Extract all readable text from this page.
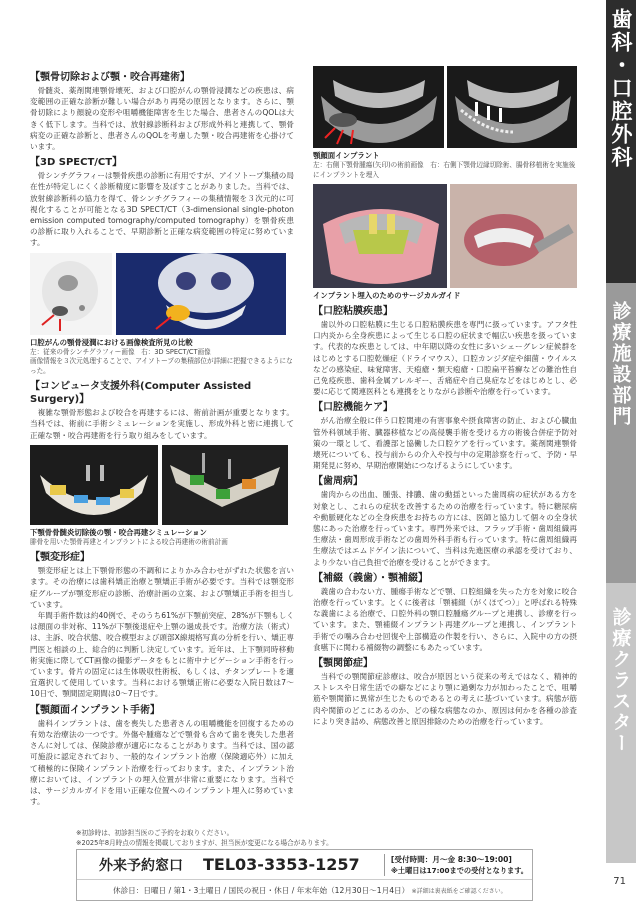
【顎骨切除および顎・咬合再建術】

骨髄炎、薬剤関連顎骨壊死、および口腔がんの顎骨浸潤などの疾患は、病変範囲の正確な診断が難しい場合があり再発の原因となります。さらに、顎骨切除により顔貌の変形や咀嚼機能障害を生じた場合、患者さんのQOLは大きく低下します。当科では、放射線診断科および形成外科と連携して、顎骨病変の正確な診断と、患者さんのQOLを考慮した顎・咬合再建術を心掛けています。

【3D SPECT/CT】

骨シンチグラフィーは顎骨疾患の診断に有用ですが、アイソトープ集積の局在性が特定しにくく診断精度に影響を及ぼすことがありました。当科では、放射線診断科の協力を得て、骨シンチグラフィーの集積情報を３次元的に可視化することが可能となる3D SPECT/CT（3-dimensional single-photon emission computed tomography/computed tomography）を顎骨疾患の診断に取り入れることで、早期診断と正確な病変範囲の特定に努めています。

口腔がんの顎骨浸潤における画像検査所見の比較
左：従来の骨シンチグラフィー画像　右：3D SPECT/CT画像
画像情報を３次元処理することで、アイソトープの集積部位が詳細に把握できるようになった。
【コンピュータ支援外科(Computer Assisted Surgery)】

複雑な顎骨形態および咬合を再建するには、術前計画が重要となります。当科では、術前に手術シミュレーションを実施し、形成外科と密に連携して正確な顎・咬合再建術を行う取り組みをしています。

下顎骨骨髄炎切除後の顎・咬合再建シミュレーション
腓骨を用いた顎骨再建とインプラントによる咬合再建術の術前計画
【顎変形症】

顎変形症とは上下顎骨形態の不調和によりかみ合わせがずれた状態を言います。その治療には歯科矯正治療と顎矯正手術が必要です。当科では顎変形症グループが顎変形症の診断、治療計画の立案、および顎矯正手術を担当しています。

年間手術件数は約40例で、そのうち61%が下顎前突症、28%が下顎もしくは顔面の非対称、11%が下顎後退症や上顎の過成長です。治療方法（術式）は、主訴、咬合状態、咬合模型および頭部X線規格写真の分析を行い、矯正専門医と相談の上、総合的に判断し決定しています。近年は、上下顎同時移動術実施に際してCT画像の撮影データをもとに術中ナビゲーション手術を行っています。骨片の固定には生体吸収性術板、もしくは、チタンプレートを適宜選択して使用しています。当科における顎矯正術に必要な入院日数は7～10日で、顎間固定期間は0～7日です。

【顎顔面インプラント手術】

歯科インプラントは、歯を喪失した患者さんの咀嚼機能を回復するための有効な治療法の一つです。外傷や腫瘍などで顎骨も含めて歯を喪失した患者さんに対しては、保険診療が適応になることがあります。当科では、国の認可施設に認定されており、一般的なインプラント治療（保険適応外）に加えて積極的に保険インプラント治療を行っております。また、インプラント治療においては、インプラントの埋入位置が非常に重要になります。当科では、サージカルガイドを用い正確な位置へのインプラント埋入に努めています。

顎顔面インプラント
左：右側下顎骨腫瘍(矢印)の術前画像　右：右側下顎骨辺縁切除術、腸骨移植術を実施後にインプラントを埋入
インプラント埋入のためのサージカルガイド
【口腔粘膜疾患】

歯以外の口腔粘膜に生じる口腔粘膜疾患を専門に扱っています。アフタ性口内炎から全身疾患によって生じる口腔の症状まで幅広い疾患を扱っています。代表的な疾患としては、中年期以降の女性に多いシェーグレン症候群をはじめとする口腔乾燥症（ドライマウス）、口腔カンジダ症や細菌・ウイルスなどの感染症、味覚障害、天疱瘡・類天疱瘡・口腔扁平苔癬などの難治性自己免疫疾患、歯科金属アレルギー、舌痛症や自己臭症などをはじめとし、必要に応じて関連医科とも連携をとりながら診断や治療を行っています。

【口腔機能ケア】

がん治療全般に伴う口腔関連の有害事象や摂食障害の防止、および心臓血管外科領域手術、臓器移植などの高侵襲手術を受ける方の術後合併症予防対策の一環として、看護部と協働した口腔ケアを行っています。薬剤関連顎骨壊死についても、投与前からの介入や投与中の定期診察を行って、予防・早期発見に努め、早期治療開始につなげるようにしています。

【歯周病】

歯肉からの出血、腫張、排膿、歯の動揺といった歯周病の症状がある方を対象とし、これらの症状を改善するための治療を行っています。特に糖尿病や動脈硬化などの全身疾患をお持ちの方には、医師と協力して個々の全身状態にあった治療を行っています。専門外来では、フラップ手術・歯周組織再生療法・歯周形成手術などの歯周外科手術も行っています。特に歯周組織再生療法ではエムドゲイン法について、当科は先進医療の承認を受けており、より少ない自己負担で治療を受けることができます。

【補綴（義歯）・顎補綴】

義歯の合わない方、腫瘍手術などで顎、口腔組織を失った方を対象に咬合治療を行っています。とくに後者は「顎補綴（がくほてつ）」と呼ばれる特殊な義歯による治療で、口腔外科の顎口腔腫瘍グループと連携し、診療を行っています。また、顎補綴インプラント再建グループと連携し、インプラント手術での噛み合わせ回復や上部構造の作製を行い、さらに、入院中の方の摂食嚥下に関わる補綴物の調整にもあたっています。

【顎関節症】

当科での顎関節症診療は、咬合が原因という従来の考えではなく、精神的ストレスや日常生活での癖などにより顎に過剰な力が加わったことで、咀嚼筋や顎関節に異常が生じたものであるとの考えに基づいています。病態が筋肉や関節のどこにあるのか、どの様な病態なのか、原因は何かを各種の診査により突き詰め、病態改善と原因排除のための治療を行っています。

※初診時は、初診担当医のご予約をお取りください。
※2025年8月時点の情報を掲載しておりますが、担当医が変更になる場合があります。
外来予約窓口 TEL03-3353-1257	[受付時間：月～金 8:30～19:00]
※土曜日は17:00までの受付となります。
休診日：日曜日 / 第1・3土曜日 / 国民の祝日・休日 / 年末年始（12月30日～1月4日） ※詳細は裏表紙をご確認ください。
歯科・口腔外科
診療施設部門
診療クラスター
71
